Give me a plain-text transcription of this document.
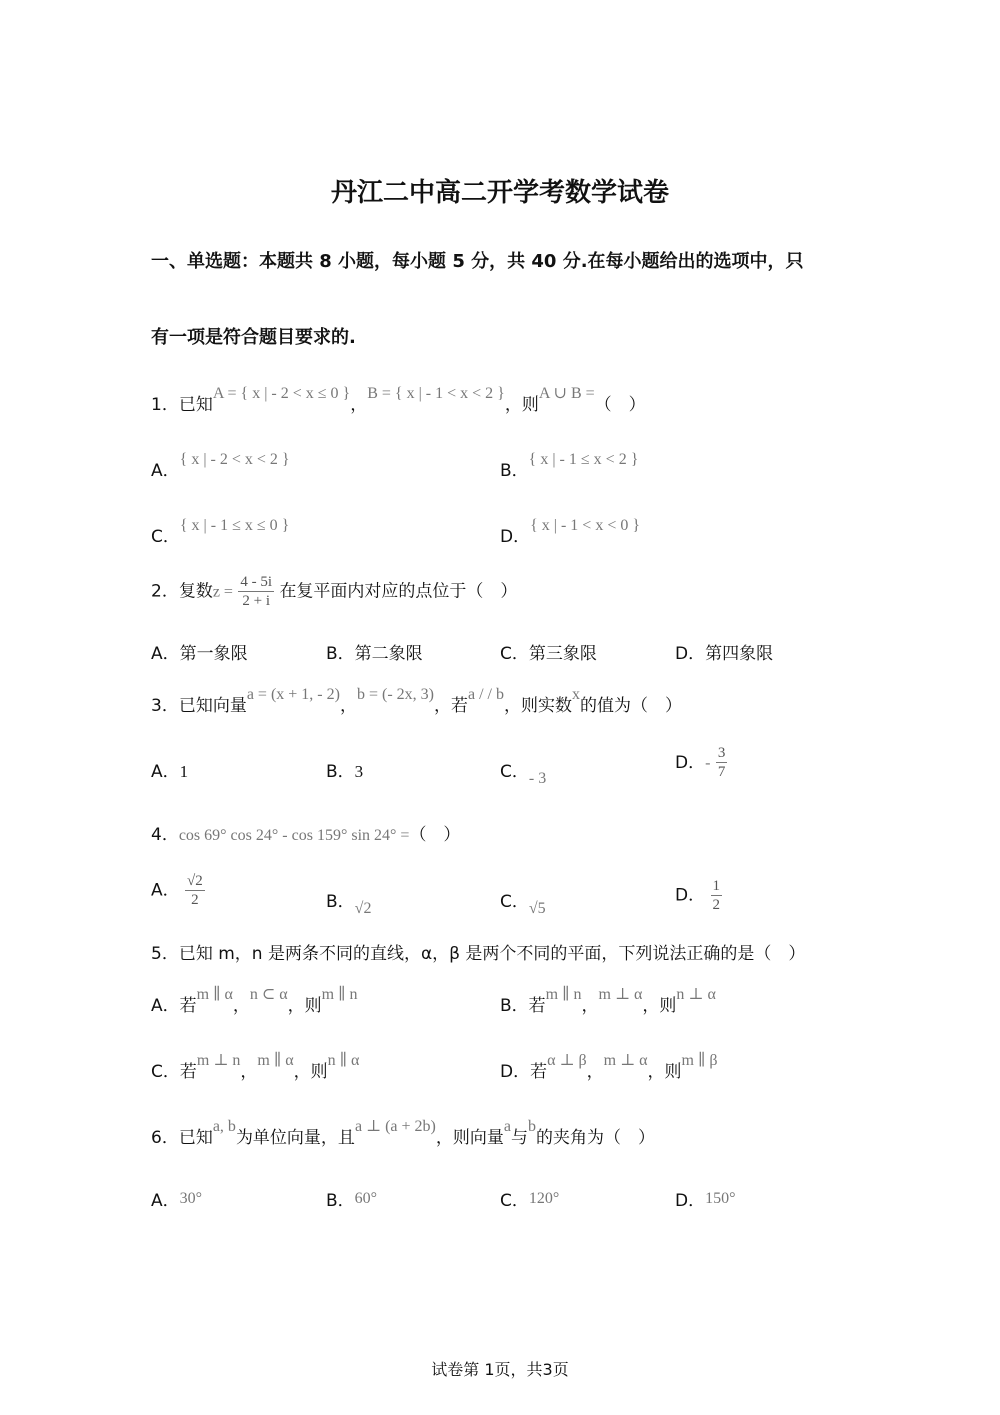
丹江二中高二开学考数学试卷
一、单选题：本题共 8 小题，每小题 5 分，共 40 分.在每小题给出的选项中，只
有一项是符合题目要求的.
1．已知A = { x | - 2 < x ≤ 0 }，B = { x | - 1 < x < 2 }，则A ∪ B =（　）
A．{ x | - 2 < x < 2 }
B．{ x | - 1 ≤ x < 2 }
C．{ x | - 1 ≤ x ≤ 0 }
D．{ x | - 1 < x < 0 }
2．复数$z = \frac{4 - 5i}{2 + i}$ 在复平面内对应的点位于（　）
A．第一象限	B．第二象限	C．第三象限	D．第四象限
3．已知向量a = (x + 1, - 2)，b = (- 2x, 3)，若a / / b，则实数x的值为（　）
A．1	B．3	C．- 3
D．- $\frac{3}{7}$
4．cos 69° cos 24° - cos 159° sin 24° =（　）
A． $\frac{√2}{2}$	B．√2	C．√5
D． $\frac{1}{2}$
5．已知 m，n 是两条不同的直线，α，β 是两个不同的平面，下列说法正确的是（　）
A．若m ∥ α，n ⊂ α，则m ∥ n
B．若m ∥ n，m ⊥ α，则n ⊥ α
C．若m ⊥ n，m ∥ α，则n ∥ α
D．若α ⊥ β，m ⊥ α，则m ∥ β
6．已知a, b为单位向量，且a ⊥ (a + 2b)，则向量a与b的夹角为（　）
A．30°	B．60°	C．120°	D．150°
试卷第 1页，共3页
